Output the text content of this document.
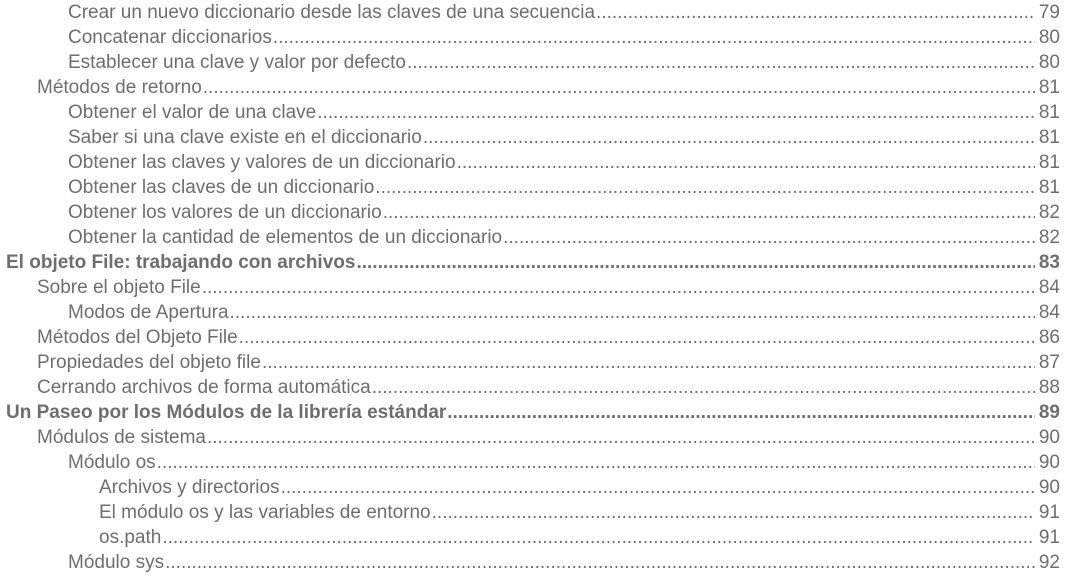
Crear un nuevo diccionario desde las claves de una secuencia .....	79
Concatenar diccionarios .....	80
Establecer una clave y valor por defecto .....	80
Métodos de retorno .....	81
Obtener el valor de una clave .....	81
Saber si una clave existe en el diccionario .....	81
Obtener las claves y valores de un diccionario .....	81
Obtener las claves de un diccionario .....	81
Obtener los valores de un diccionario .....	82
Obtener la cantidad de elementos de un diccionario .....	82
El objeto File: trabajando con archivos .....	83
Sobre el objeto File .....	84
Modos de Apertura .....	84
Métodos del Objeto File .....	86
Propiedades del objeto file .....	87
Cerrando archivos de forma automática .....	88
Un Paseo por los Módulos de la librería estándar .....	89
Módulos de sistema .....	90
Módulo os .....	90
Archivos y directorios .....	90
El módulo os y las variables de entorno .....	91
os.path .....	91
Módulo sys .....	92
